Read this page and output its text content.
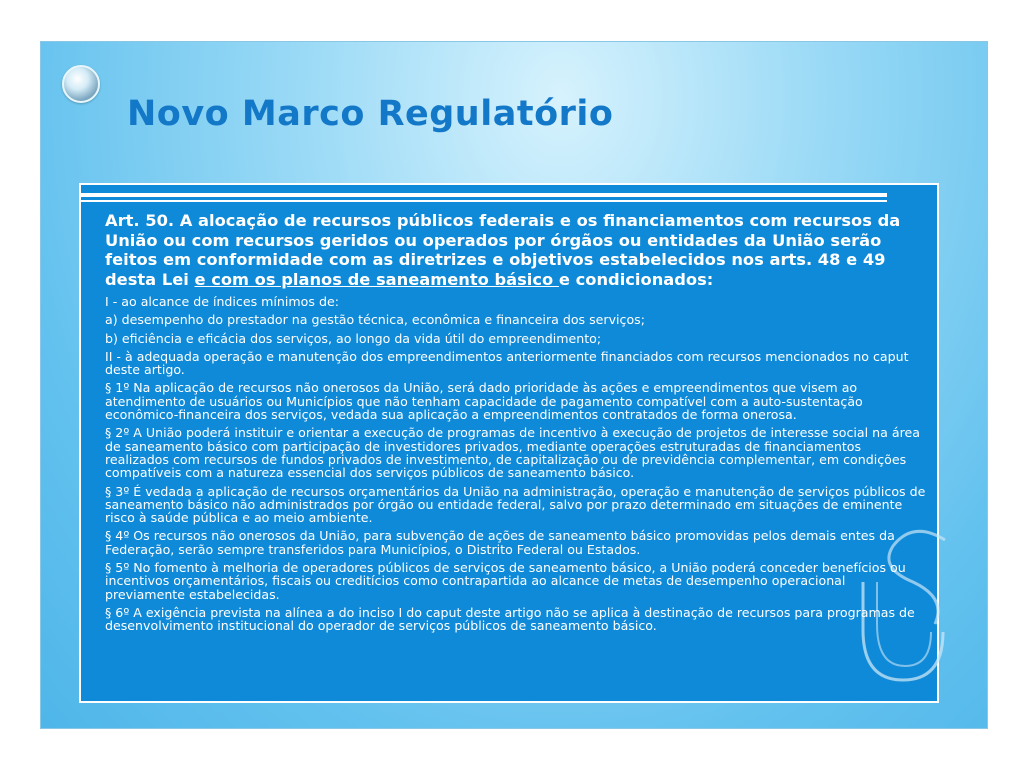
Novo Marco Regulatório

Art. 50. A alocação de recursos públicos federais e os financiamentos com recursos da União ou com recursos geridos ou operados por órgãos ou entidades da União serão feitos em conformidade com as diretrizes e objetivos estabelecidos nos arts. 48 e 49 desta Lei e com os planos de saneamento básico e condicionados:

I - ao alcance de índices mínimos de:

a) desempenho do prestador na gestão técnica, econômica e financeira dos serviços;

b) eficiência e eficácia dos serviços, ao longo da vida útil do empreendimento;

II - à adequada operação e manutenção dos empreendimentos anteriormente financiados com recursos mencionados no caput deste artigo.

§ 1º Na aplicação de recursos não onerosos da União, será dado prioridade às ações e empreendimentos que visem ao atendimento de usuários ou Municípios que não tenham capacidade de pagamento compatível com a auto-sustentação econômico-financeira dos serviços, vedada sua aplicação a empreendimentos contratados de forma onerosa.

§ 2º A União poderá instituir e orientar a execução de programas de incentivo à execução de projetos de interesse social na área de saneamento básico com participação de investidores privados, mediante operações estruturadas de financiamentos realizados com recursos de fundos privados de investimento, de capitalização ou de previdência complementar, em condições compatíveis com a natureza essencial dos serviços públicos de saneamento básico.

§ 3º É vedada a aplicação de recursos orçamentários da União na administração, operação e manutenção de serviços públicos de saneamento básico não administrados por órgão ou entidade federal, salvo por prazo determinado em situações de eminente risco à saúde pública e ao meio ambiente.

§ 4º Os recursos não onerosos da União, para subvenção de ações de saneamento básico promovidas pelos demais entes da Federação, serão sempre transferidos para Municípios, o Distrito Federal ou Estados.

§ 5º No fomento à melhoria de operadores públicos de serviços de saneamento básico, a União poderá conceder benefícios ou incentivos orçamentários, fiscais ou creditícios como contrapartida ao alcance de metas de desempenho operacional previamente estabelecidas.

§ 6º A exigência prevista na alínea a do inciso I do caput deste artigo não se aplica à destinação de recursos para programas de desenvolvimento institucional do operador de serviços públicos de saneamento básico.
